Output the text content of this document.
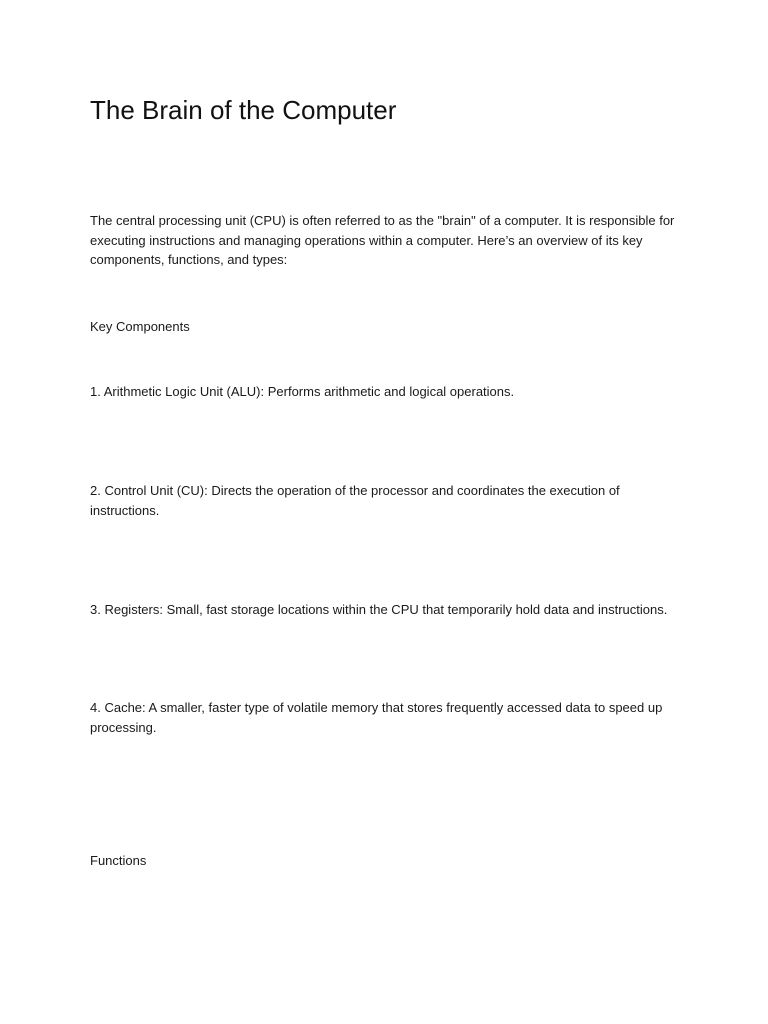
The Brain of the Computer

The central processing unit (CPU) is often referred to as the "brain" of a computer. It is responsible for executing instructions and managing operations within a computer. Here’s an overview of its key components, functions, and types:

Key Components

1. Arithmetic Logic Unit (ALU): Performs arithmetic and logical operations.

2. Control Unit (CU): Directs the operation of the processor and coordinates the execution of instructions.

3. Registers: Small, fast storage locations within the CPU that temporarily hold data and instructions.

4. Cache: A smaller, faster type of volatile memory that stores frequently accessed data to speed up processing.

Functions
